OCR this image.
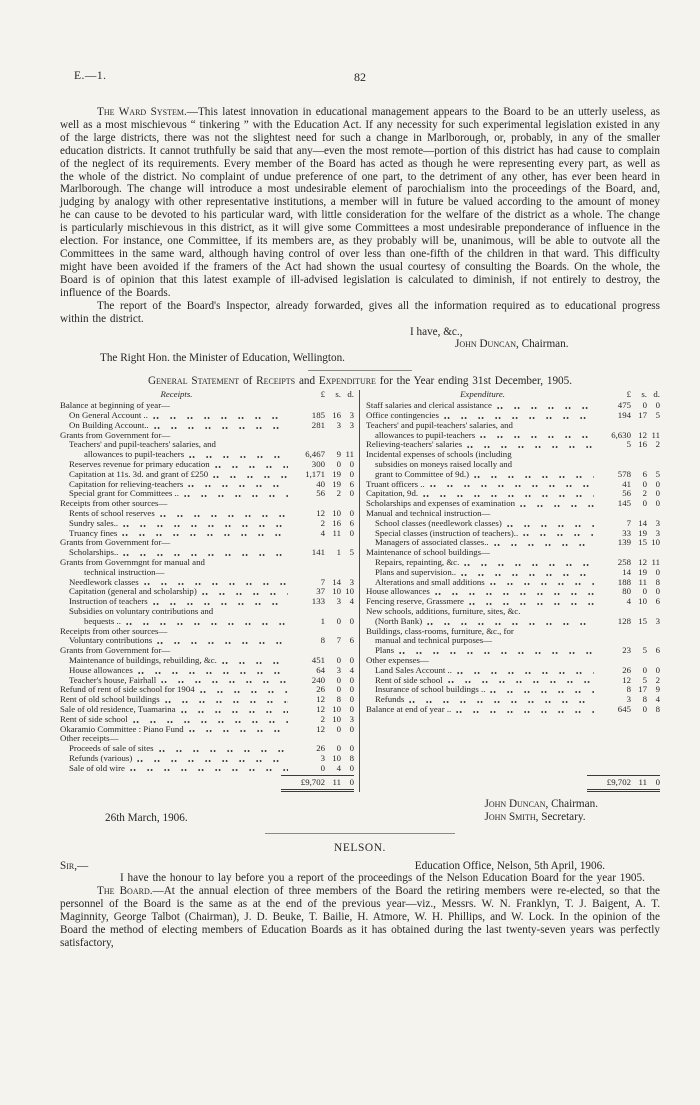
E.—1.	82

The Ward System.—This latest innovation in educational management appears to the Board to be an utterly useless, as well as a most mischievous “ tinkering ” with the Education Act. If any necessity for such experimental legislation existed in any of the large districts, there was not the slightest need for such a change in Marlborough, or, probably, in any of the smaller education districts. It cannot truthfully be said that any—even the most remote—portion of this district has had cause to complain of the neglect of its requirements. Every member of the Board has acted as though he were representing every part, as well as the whole of the district. No complaint of undue preference of one part, to the detriment of any other, has ever been heard in Marlborough. The change will introduce a most undesirable element of parochialism into the proceedings of the Board, and, judging by analogy with other representative institutions, a member will in future be valued according to the amount of money he can cause to be devoted to his particular ward, with little consideration for the welfare of the district as a whole. The change is particularly mischievous in this district, as it will give some Committees a most undesirable preponderance of influence in the election. For instance, one Committee, if its members are, as they probably will be, unanimous, will be able to outvote all the Committees in the same ward, although having control of over less than one-fifth of the children in that ward. This difficulty might have been avoided if the framers of the Act had shown the usual courtesy of consulting the Boards. On the whole, the Board is of opinion that this latest example of ill-advised legislation is calculated to diminish, if not entirely to destroy, the influence of the Boards.

The report of the Board's Inspector, already forwarded, gives all the information required as to educational progress within the district.

I have, &c.,
John Duncan, Chairman.
The Right Hon. the Minister of Education, Wellington.
General Statement of Receipts and Expenditure for the Year ending 31st December, 1905.
Receipts.	£	s. d.
Balance at beginning of year—
On General Account ..	185 16 3
On Building Account..	281	3 3
Grants from Government for—
Teachers' and pupil-teachers' salaries, and
allowances to pupil-teachers	6,467	9 11
Reserves revenue for primary education	300	0 0
Capitation at 11s. 3d. and grant of £250	1,171 19 0
Capitation for relieving-teachers	40 19 6
Special grant for Committees ..	56	2 0
Receipts from other sources—
Rents of school reserves	12 10 0
Sundry sales..	2 16 6
Truancy fines	4 11 0
Grants from Government for—
Scholarships..	141	1 5
Grants from Governmgnt for manual and
technical instruction—
Needlework classes	7 14 3
Capitation (general and scholarship)	37 10 10
Instruction of teachers	133	3 4
Subsidies on voluntary contributions and
bequests ..	1	0 0
Receipts from other sources—
Voluntary contributions	8	7 6
Grants from Government for—
Maintenance of buildings, rebuilding, &c.	451	0 0
House allowances	64	3 4
Teacher's house, Fairhall	240	0 0
Refund of rent of side school for 1904	26	0 0
Rent of old school buildings	12	8 0
Sale of old residence, Tuamarina	12 10 0
Rent of side school	2 10 3
Okaramio Committee : Piano Fund	12	0 0
Other receipts—
Proceeds of sale of sites	26	0 0
Refunds (various)	3 10 8
Sale of old wire	0	4 0
£9,702 11 0
Expenditure.	£	s. d.
Staff salaries and clerical assistance	475	0 0
Office contingencies	194 17 5
Teachers' and pupil-teachers' salaries, and
allowances to pupil-teachers	6,630 12 11
Relieving-teachers' salaries	5 16 2
Incidental expenses of schools (including
subsidies on moneys raised locally and
grant to Committee of 9d.)	578	6 5
Truant officers ..	41	0 0
Capitation, 9d.	56	2 0
Scholarships and expenses of examination	145	0 0
Manual and technical instruction—
School classes (needlework classes)	7 14 3
Special classes (instruction of teachers)..	33 19 3
Managers of associated classes..	139 15 10
Maintenance of school buildings—
Repairs, repainting, &c.	258 12 11
Plans and supervision..	14 19 0
Alterations and small additions	188 11 8
House allowances	80	0 0
Fencing reserve, Grassmere	4 10 6
New schools, additions, furniture, sites, &c.
(North Bank)	128 15 3
Buildings, class-rooms, furniture, &c., for
manual and technical purposes—
Plans	23	5 6
Other expenses—
Land Sales Account ..	26	0 0
Rent of side school	12	5 2
Insurance of school buildings ..	8 17 9
Refunds	3	8 4
Balance at end of year ..	645	0 8
£9,702 11 0
26th March, 1906.
John Duncan, Chairman.
John Smith, Secretary.
NELSON.
Sir,—	Education Office, Nelson, 5th April, 1906.

I have the honour to lay before you a report of the proceedings of the Nelson Education Board for the year 1905.

The Board.—At the annual election of three members of the Board the retiring members were re-elected, so that the personnel of the Board is the same as at the end of the previous year—viz., Messrs. W. N. Franklyn, T. J. Baigent, A. T. Maginnity, George Talbot (Chairman), J. D. Beuke, T. Bailie, H. Atmore, W. H. Phillips, and W. Lock. In the opinion of the Board the method of electing members of Education Boards as it has obtained during the last twenty-seven years was perfectly satisfactory,
